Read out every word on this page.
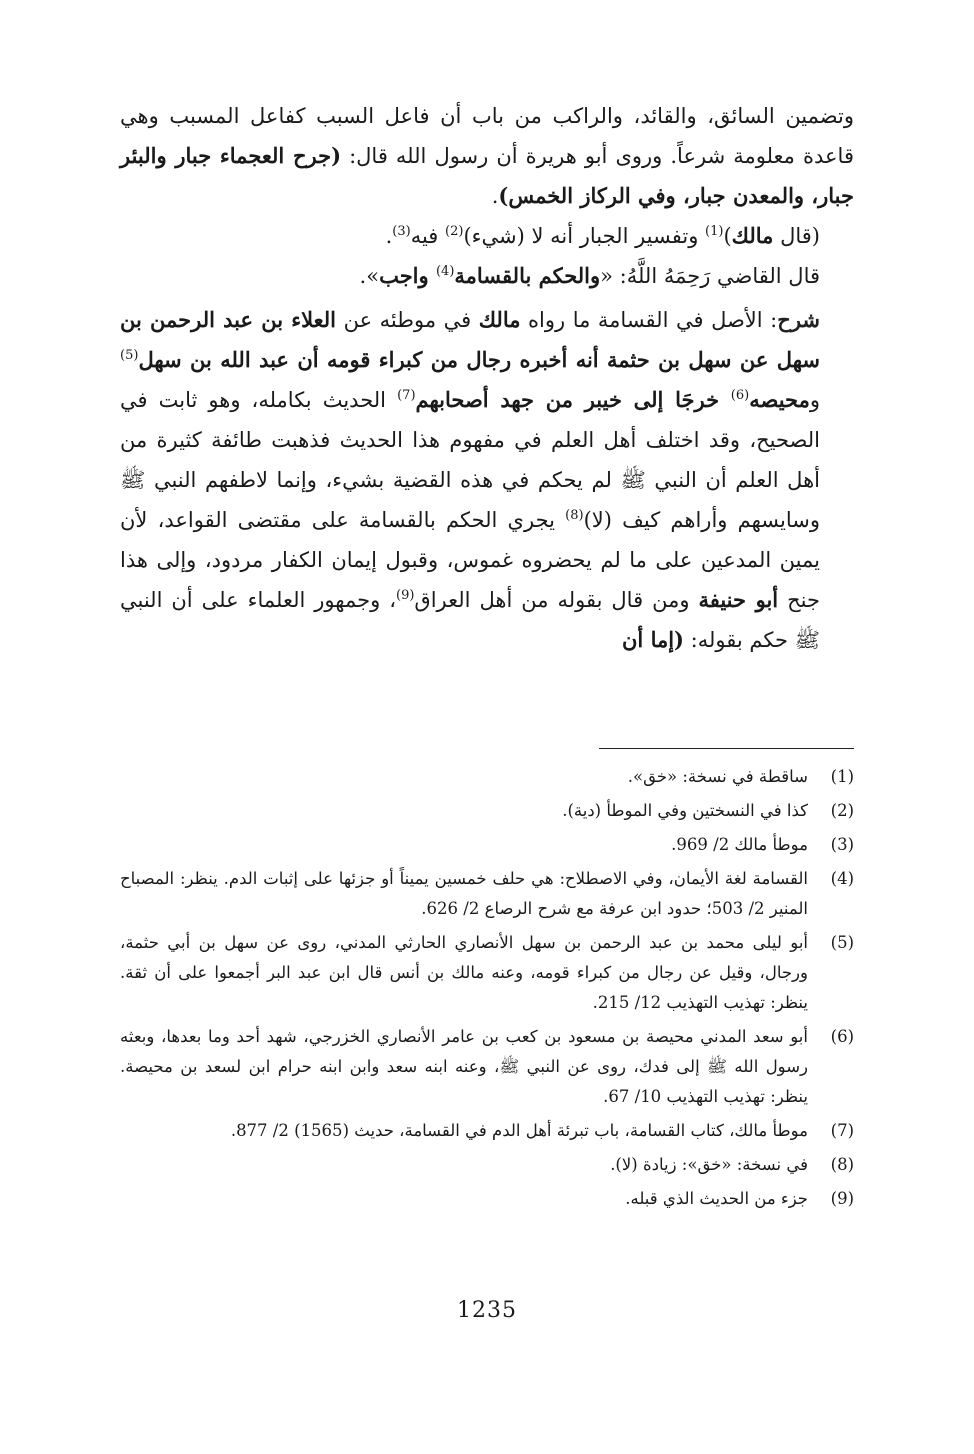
وتضمين السائق، والقائد، والراكب من باب أن فاعل السبب كفاعل المسبب وهي قاعدة معلومة شرعاً. وروى أبو هريرة أن رسول الله قال: (جرح العجماء جبار والبئر جبار، والمعدن جبار، وفي الركاز الخمس).

(قال مالك)$^{(1)}$ وتفسير الجبار أنه لا (شيء)$^{(2)}$ فيه$^{(3)}$.

قال القاضي رَحِمَهُ اللَّهُ: «والحكم بالقسامة$^{(4)}$ واجب».

شرح: الأصل في القسامة ما رواه مالك في موطئه عن العلاء بن عبد الرحمن بن سهل عن سهل بن حثمة أنه أخبره رجال من كبراء قومه أن عبد الله بن سهل$^{(5)}$ ومحيصه$^{(6)}$ خرجَا إلى خيبر من جهد أصحابهم$^{(7)}$ الحديث بكامله، وهو ثابت في الصحيح، وقد اختلف أهل العلم في مفهوم هذا الحديث فذهبت طائفة كثيرة من أهل العلم أن النبي ﷺ لم يحكم في هذه القضية بشيء، وإنما لاطفهم النبي ﷺ وسايسهم وأراهم كيف (لا)$^{(8)}$ يجري الحكم بالقسامة على مقتضى القواعد، لأن يمين المدعين على ما لم يحضروه غموس، وقبول إيمان الكفار مردود، وإلى هذا جنح أبو حنيفة ومن قال بقوله من أهل العراق$^{(9)}$، وجمهور العلماء على أن النبي ﷺ حكم بقوله: (إما أن

(1)
ساقطة في نسخة: «خق».
(2)
كذا في النسختين وفي الموطأ (دية).
(3)
موطأ مالك 2/ 969.
(4)
القسامة لغة الأيمان، وفي الاصطلاح: هي حلف خمسين يميناً أو جزئها على إثبات الدم. ينظر: المصباح المنير 2/ 503؛ حدود ابن عرفة مع شرح الرصاع 2/ 626.
(5)
أبو ليلى محمد بن عبد الرحمن بن سهل الأنصاري الحارثي المدني، روى عن سهل بن أبي حثمة، ورجال، وقيل عن رجال من كبراء قومه، وعنه مالك بن أنس قال ابن عبد البر أجمعوا على أن ثقة. ينظر: تهذيب التهذيب 12/ 215.
(6)
أبو سعد المدني محيصة بن مسعود بن كعب بن عامر الأنصاري الخزرجي، شهد أحد وما بعدها، وبعثه رسول الله ﷺ إلى فدك، روى عن النبي ﷺ، وعنه ابنه سعد وابن ابنه حرام ابن لسعد بن محيصة. ينظر: تهذيب التهذيب 10/ 67.
(7)
موطأ مالك، كتاب القسامة، باب تبرئة أهل الدم في القسامة، حديث (1565) 2/ 877.
(8)
في نسخة: «خق»: زيادة (لا).
(9)
جزء من الحديث الذي قبله.
1235
